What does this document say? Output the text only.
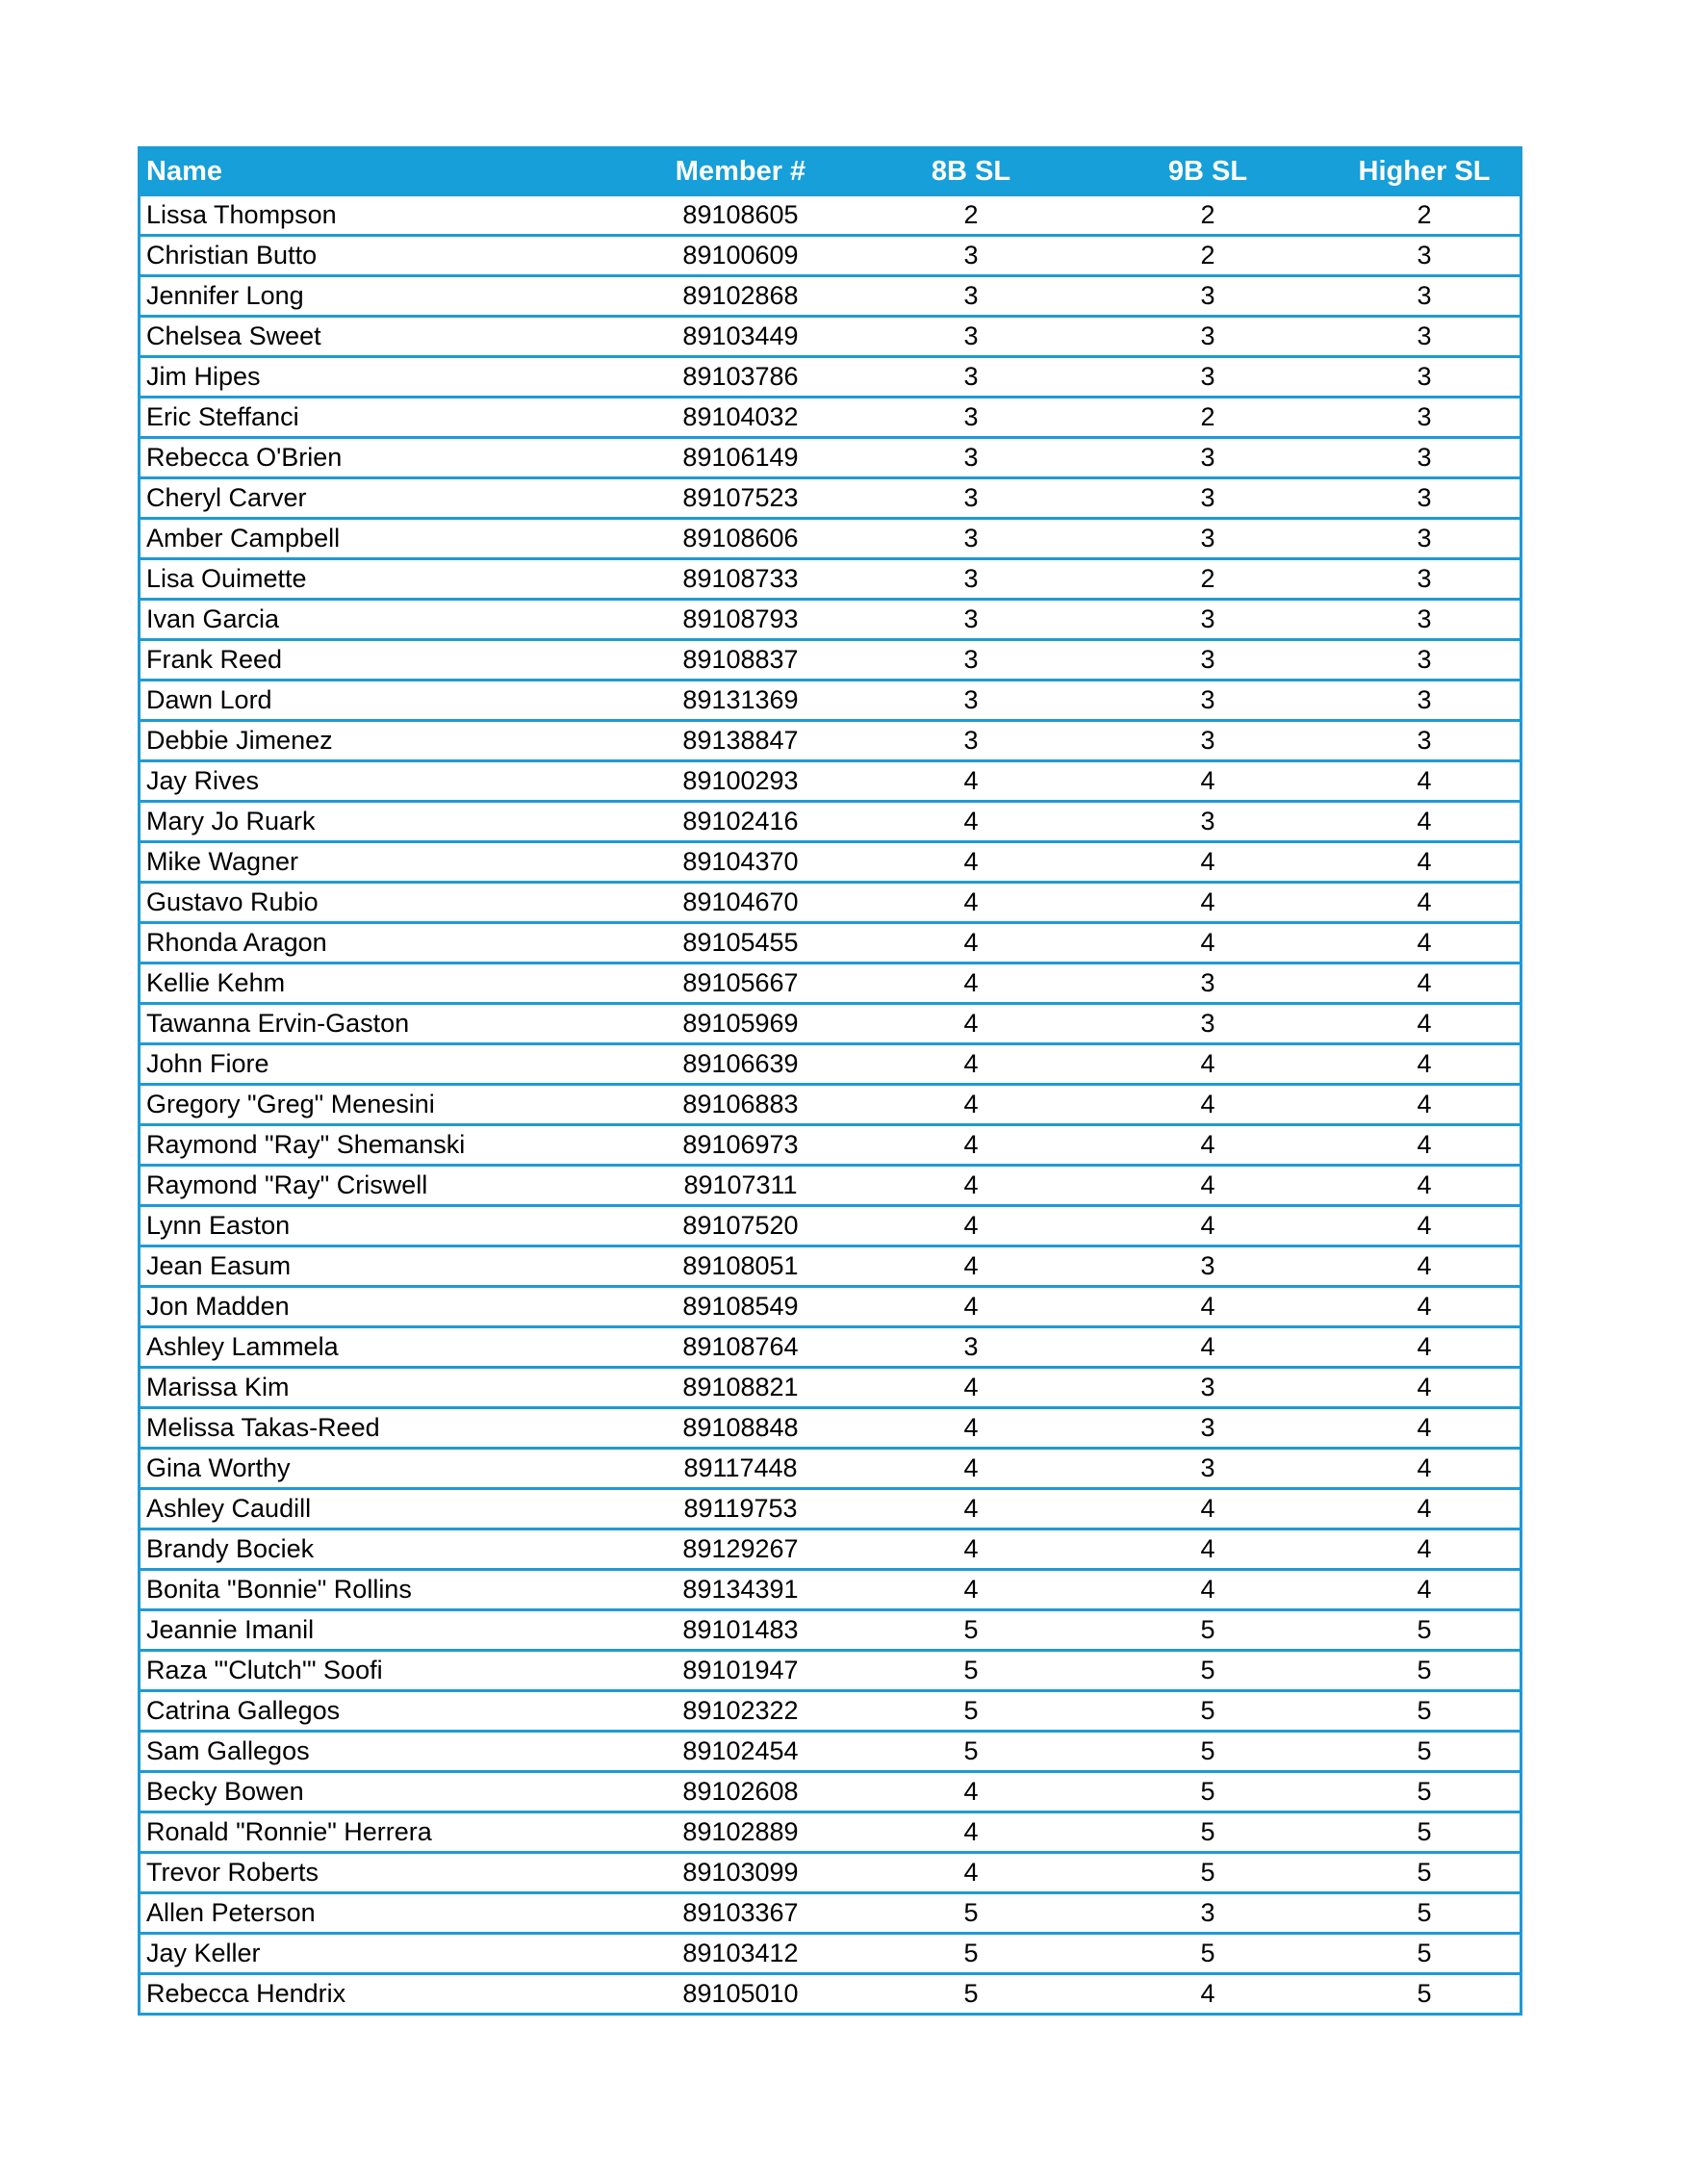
Name	Member #	8B SL	9B SL	Higher SL
Lissa Thompson	89108605	2	2	2
Christian Butto	89100609	3	2	3
Jennifer Long	89102868	3	3	3
Chelsea Sweet	89103449	3	3	3
Jim Hipes	89103786	3	3	3
Eric Steffanci	89104032	3	2	3
Rebecca O'Brien	89106149	3	3	3
Cheryl Carver	89107523	3	3	3
Amber Campbell	89108606	3	3	3
Lisa Ouimette	89108733	3	2	3
Ivan Garcia	89108793	3	3	3
Frank Reed	89108837	3	3	3
Dawn Lord	89131369	3	3	3
Debbie Jimenez	89138847	3	3	3
Jay Rives	89100293	4	4	4
Mary Jo Ruark	89102416	4	3	4
Mike Wagner	89104370	4	4	4
Gustavo Rubio	89104670	4	4	4
Rhonda Aragon	89105455	4	4	4
Kellie Kehm	89105667	4	3	4
Tawanna Ervin-Gaston	89105969	4	3	4
John Fiore	89106639	4	4	4
Gregory "Greg" Menesini	89106883	4	4	4
Raymond "Ray" Shemanski	89106973	4	4	4
Raymond "Ray" Criswell	89107311	4	4	4
Lynn Easton	89107520	4	4	4
Jean Easum	89108051	4	3	4
Jon Madden	89108549	4	4	4
Ashley Lammela	89108764	3	4	4
Marissa Kim	89108821	4	3	4
Melissa Takas-Reed	89108848	4	3	4
Gina Worthy	89117448	4	3	4
Ashley Caudill	89119753	4	4	4
Brandy Bociek	89129267	4	4	4
Bonita "Bonnie" Rollins	89134391	4	4	4
Jeannie Imanil	89101483	5	5	5
Raza "'Clutch'" Soofi	89101947	5	5	5
Catrina Gallegos	89102322	5	5	5
Sam Gallegos	89102454	5	5	5
Becky Bowen	89102608	4	5	5
Ronald "Ronnie" Herrera	89102889	4	5	5
Trevor Roberts	89103099	4	5	5
Allen Peterson	89103367	5	3	5
Jay Keller	89103412	5	5	5
Rebecca Hendrix	89105010	5	4	5
